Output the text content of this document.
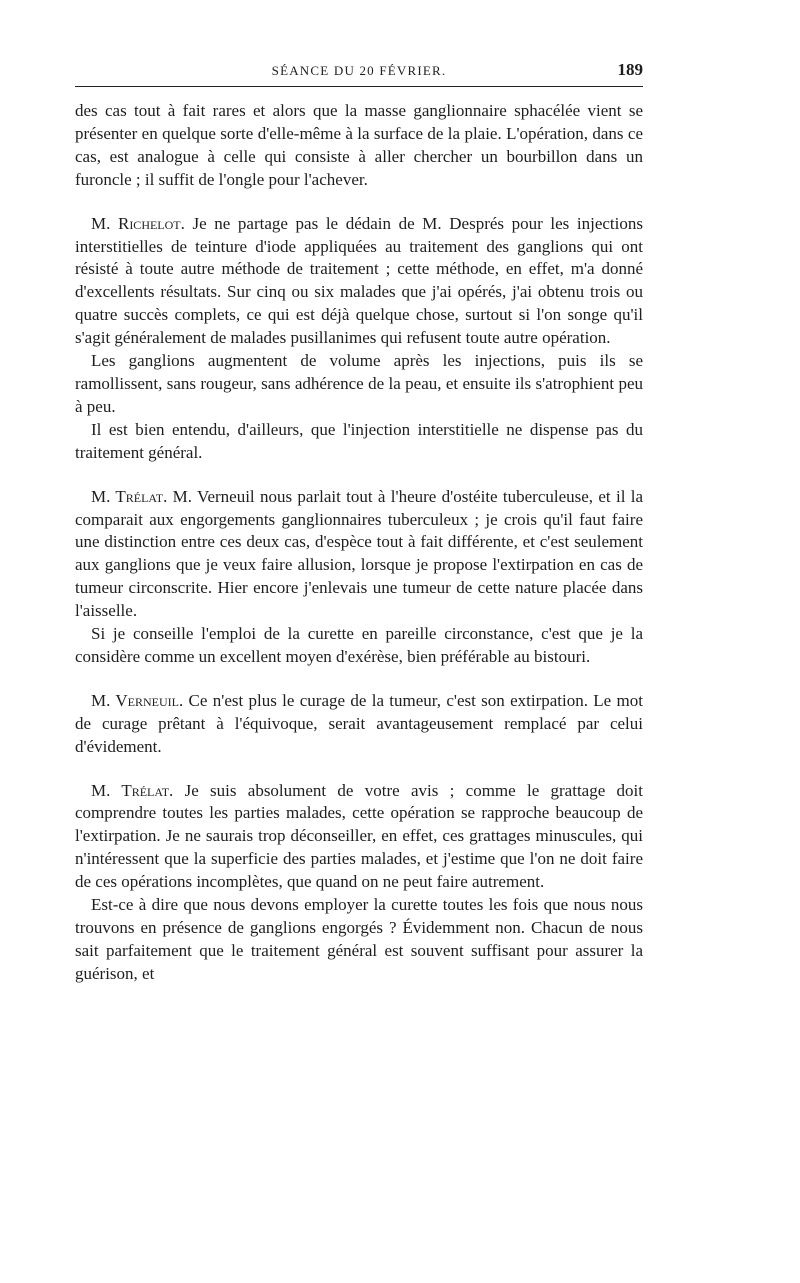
SÉANCE DU 20 FÉVRIER.	189

des cas tout à fait rares et alors que la masse ganglionnaire sphacélée vient se présenter en quelque sorte d'elle-même à la surface de la plaie. L'opération, dans ce cas, est analogue à celle qui consiste à aller chercher un bourbillon dans un furoncle ; il suffit de l'ongle pour l'achever.

M. Richelot. Je ne partage pas le dédain de M. Després pour les injections interstitielles de teinture d'iode appliquées au traitement des ganglions qui ont résisté à toute autre méthode de traitement ; cette méthode, en effet, m'a donné d'excellents résultats. Sur cinq ou six malades que j'ai opérés, j'ai obtenu trois ou quatre succès complets, ce qui est déjà quelque chose, surtout si l'on songe qu'il s'agit généralement de malades pusillanimes qui refusent toute autre opération.

Les ganglions augmentent de volume après les injections, puis ils se ramollissent, sans rougeur, sans adhérence de la peau, et ensuite ils s'atrophient peu à peu.

Il est bien entendu, d'ailleurs, que l'injection interstitielle ne dispense pas du traitement général.

M. Trélat. M. Verneuil nous parlait tout à l'heure d'ostéite tuberculeuse, et il la comparait aux engorgements ganglionnaires tuberculeux ; je crois qu'il faut faire une distinction entre ces deux cas, d'espèce tout à fait différente, et c'est seulement aux ganglions que je veux faire allusion, lorsque je propose l'extirpation en cas de tumeur circonscrite. Hier encore j'enlevais une tumeur de cette nature placée dans l'aisselle.

Si je conseille l'emploi de la curette en pareille circonstance, c'est que je la considère comme un excellent moyen d'exérèse, bien préférable au bistouri.

M. Verneuil. Ce n'est plus le curage de la tumeur, c'est son extirpation. Le mot de curage prêtant à l'équivoque, serait avantageusement remplacé par celui d'évidement.

M. Trélat. Je suis absolument de votre avis ; comme le grattage doit comprendre toutes les parties malades, cette opération se rapproche beaucoup de l'extirpation. Je ne saurais trop déconseiller, en effet, ces grattages minuscules, qui n'intéressent que la superficie des parties malades, et j'estime que l'on ne doit faire de ces opérations incomplètes, que quand on ne peut faire autrement.

Est-ce à dire que nous devons employer la curette toutes les fois que nous nous trouvons en présence de ganglions engorgés ? Évidemment non. Chacun de nous sait parfaitement que le traitement général est souvent suffisant pour assurer la guérison, et
